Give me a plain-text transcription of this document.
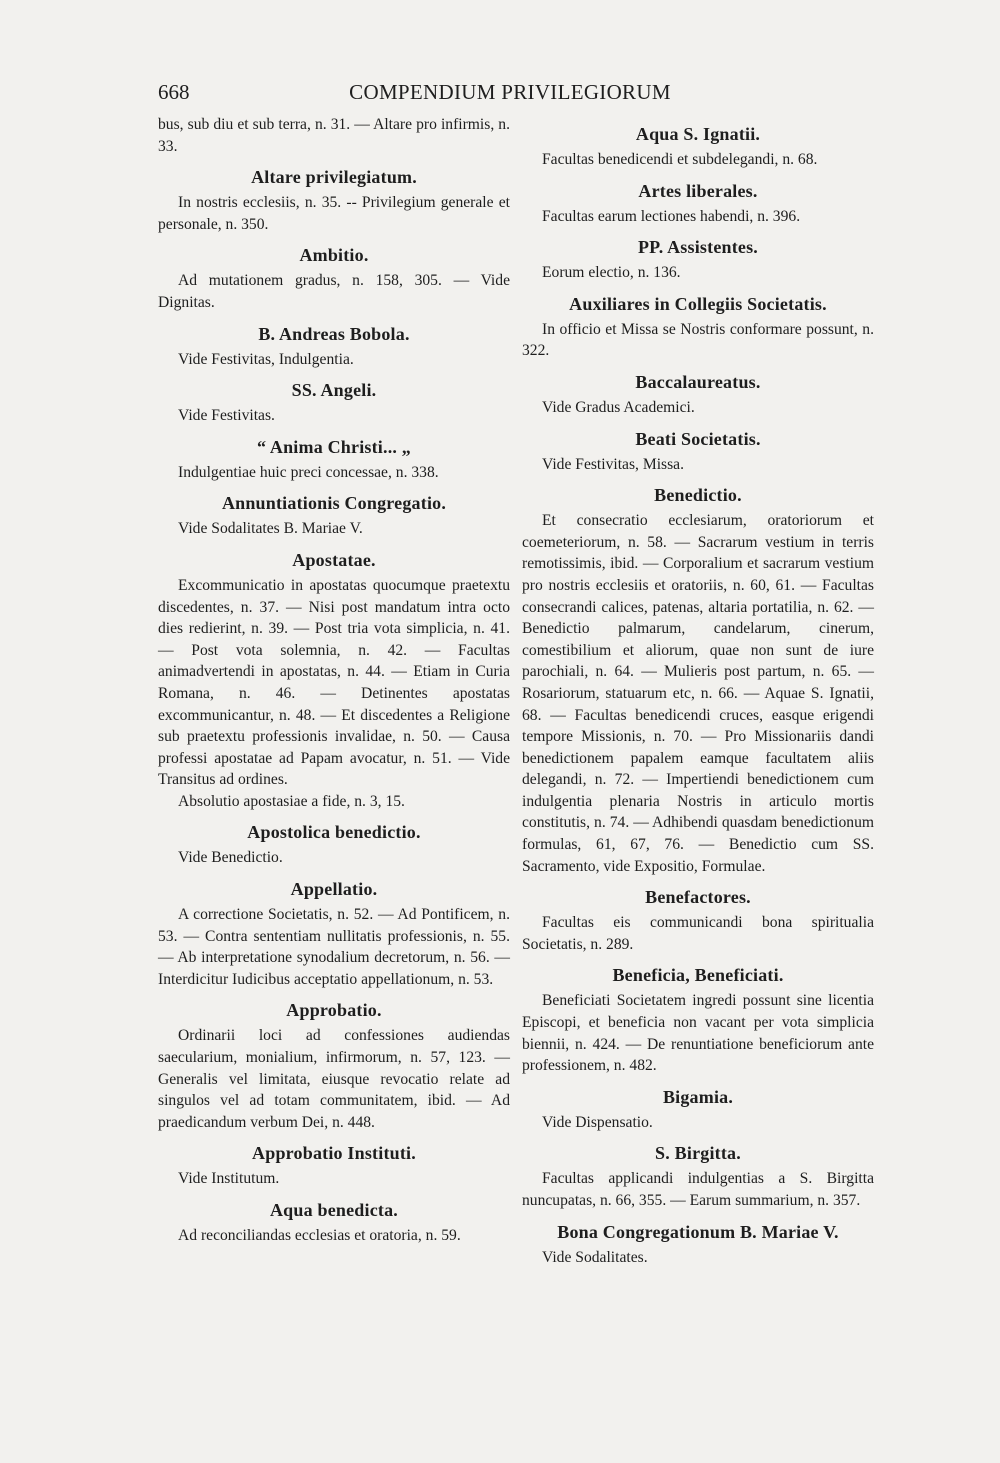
668	COMPENDIUM PRIVILEGIORUM

bus, sub diu et sub terra, n. 31. — Altare pro infirmis, n. 33.

Altare privilegiatum.

In nostris ecclesiis, n. 35. -- Privilegium generale et personale, n. 350.

Ambitio.

Ad mutationem gradus, n. 158, 305. — Vide Dignitas.

B. Andreas Bobola.

Vide Festivitas, Indulgentia.

SS. Angeli.

Vide Festivitas.

“ Anima Christi... „

Indulgentiae huic preci concessae, n. 338.

Annuntiationis Congregatio.

Vide Sodalitates B. Mariae V.

Apostatae.

Excommunicatio in apostatas quocumque praetextu discedentes, n. 37. — Nisi post mandatum intra octo dies redierint, n. 39. — Post tria vota simplicia, n. 41. — Post vota solemnia, n. 42. — Facultas animadvertendi in apostatas, n. 44. — Etiam in Curia Romana, n. 46. — Detinentes apostatas excommunicantur, n. 48. — Et discedentes a Religione sub praetextu professionis invalidae, n. 50. — Causa professi apostatae ad Papam avocatur, n. 51. — Vide Transitus ad ordines.

Absolutio apostasiae a fide, n. 3, 15.

Apostolica benedictio.

Vide Benedictio.

Appellatio.

A correctione Societatis, n. 52. — Ad Pontificem, n. 53. — Contra sententiam nullitatis professionis, n. 55. — Ab interpretatione synodalium decretorum, n. 56. — Interdicitur Iudicibus acceptatio appellationum, n. 53.

Approbatio.

Ordinarii loci ad confessiones audiendas saecularium, monialium, infirmorum, n. 57, 123. — Generalis vel limitata, eiusque revocatio relate ad singulos vel ad totam communitatem, ibid. — Ad praedicandum verbum Dei, n. 448.

Approbatio Instituti.

Vide Institutum.

Aqua benedicta.

Ad reconciliandas ecclesias et oratoria, n. 59.

Aqua S. Ignatii.

Facultas benedicendi et subdelegandi, n. 68.

Artes liberales.

Facultas earum lectiones habendi, n. 396.

PP. Assistentes.

Eorum electio, n. 136.

Auxiliares in Collegiis Societatis.

In officio et Missa se Nostris conformare possunt, n. 322.

Baccalaureatus.

Vide Gradus Academici.

Beati Societatis.

Vide Festivitas, Missa.

Benedictio.

Et consecratio ecclesiarum, oratoriorum et coemeteriorum, n. 58. — Sacrarum vestium in terris remotissimis, ibid. — Corporalium et sacrarum vestium pro nostris ecclesiis et oratoriis, n. 60, 61. — Facultas consecrandi calices, patenas, altaria portatilia, n. 62. — Benedictio palmarum, candelarum, cinerum, comestibilium et aliorum, quae non sunt de iure parochiali, n. 64. — Mulieris post partum, n. 65. — Rosariorum, statuarum etc, n. 66. — Aquae S. Ignatii, 68. — Facultas benedicendi cruces, easque erigendi tempore Missionis, n. 70. — Pro Missionariis dandi benedictionem papalem eamque facultatem aliis delegandi, n. 72. — Impertiendi benedictionem cum indulgentia plenaria Nostris in articulo mortis constitutis, n. 74. — Adhibendi quasdam benedictionum formulas, 61, 67, 76. — Benedictio cum SS. Sacramento, vide Expositio, Formulae.

Benefactores.

Facultas eis communicandi bona spiritualia Societatis, n. 289.

Beneficia, Beneficiati.

Beneficiati Societatem ingredi possunt sine licentia Episcopi, et beneficia non vacant per vota simplicia biennii, n. 424. — De renuntiatione beneficiorum ante professionem, n. 482.

Bigamia.

Vide Dispensatio.

S. Birgitta.

Facultas applicandi indulgentias a S. Birgitta nuncupatas, n. 66, 355. — Earum summarium, n. 357.

Bona Congregationum B. Mariae V.

Vide Sodalitates.
